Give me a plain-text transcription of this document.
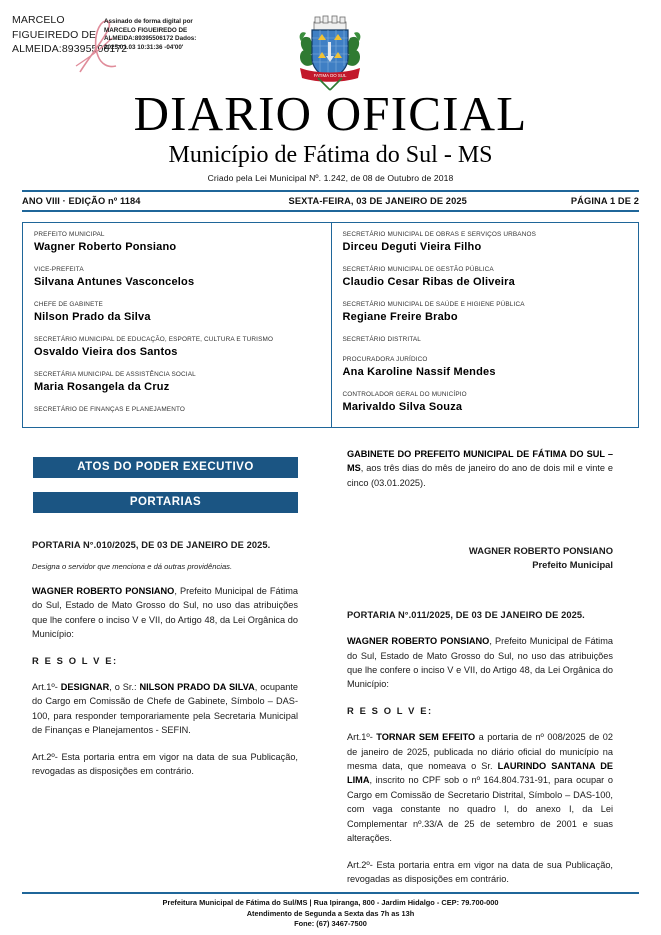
MARCELO FIGUEIREDO DE ALMEIDA:89395506172
Assinado de forma digital por MARCELO FIGUEIREDO DE ALMEIDA:89395506172 Dados: 2025.01.03 10:31:36 -04'00'
FATIMA DO SUL
DIARIO OFICIAL
Município de Fátima do Sul - MS
Criado pela Lei Municipal Nº. 1.242, de 08 de Outubro de 2018
ANO VIII · EDIÇÃO nº 1184	SEXTA-FEIRA, 03 DE JANEIRO DE 2025	PÁGINA 1 DE 2
PREFEITO MUNICIPAL
Wagner Roberto Ponsiano
VICE-PREFEITA
Silvana Antunes Vasconcelos
CHEFE DE GABINETE
Nilson Prado da Silva
SECRETÁRIO MUNICIPAL DE EDUCAÇÃO, ESPORTE, CULTURA E TURISMO
Osvaldo Vieira dos Santos
SECRETÁRIA MUNICIPAL DE ASSISTÊNCIA SOCIAL
Maria Rosangela da Cruz
SECRETÁRIO DE FINANÇAS E PLANEJAMENTO
SECRETÁRIO MUNICIPAL DE OBRAS E SERVIÇOS URBANOS
Dirceu Deguti Vieira Filho
SECRETÁRIO MUNICIPAL DE GESTÃO PÚBLICA
Claudio Cesar Ribas de Oliveira
SECRETÁRIO MUNICIPAL DE SAÚDE E HIGIENE PÚBLICA
Regiane Freire Brabo
SECRETÁRIO DISTRITAL
PROCURADORA JURÍDICO
Ana Karoline Nassif Mendes
CONTROLADOR GERAL DO MUNICÍPIO
Marivaldo Silva Souza
ATOS DO PODER EXECUTIVO
PORTARIAS
PORTARIA N°.010/2025, DE 03 DE JANEIRO DE 2025.
Designa o servidor que menciona e dá outras providências.
WAGNER ROBERTO PONSIANO, Prefeito Municipal de Fátima do Sul, Estado de Mato Grosso do Sul, no uso das atribuições que lhe confere o inciso V e VII, do Artigo 48, da Lei Orgânica do Município:
R E S O L V E:
Art.1º- DESIGNAR, o Sr.: NILSON PRADO DA SILVA, ocupante do Cargo em Comissão de Chefe de Gabinete, Símbolo – DAS-100, para responder temporariamente pela Secretaria Municipal de Finanças e Planejamentos - SEFIN.
Art.2º- Esta portaria entra em vigor na data de sua Publicação, revogadas as disposições em contrário.
GABINETE DO PREFEITO MUNICIPAL DE FÁTIMA DO SUL – MS, aos três dias do mês de janeiro do ano de dois mil e vinte e cinco (03.01.2025).
WAGNER ROBERTO PONSIANO
Prefeito Municipal
PORTARIA N°.011/2025, DE 03 DE JANEIRO DE 2025.
WAGNER ROBERTO PONSIANO, Prefeito Municipal de Fátima do Sul, Estado de Mato Grosso do Sul, no uso das atribuições que lhe confere o inciso V e VII, do Artigo 48, da Lei Orgânica do Município:
R E S O L V E:
Art.1º- TORNAR SEM EFEITO a portaria de nº 008/2025 de 02 de janeiro de 2025, publicada no diário oficial do município na mesma data, que nomeava o Sr. LAURINDO SANTANA DE LIMA, inscrito no CPF sob o nº 164.804.731-91, para ocupar o Cargo em Comissão de Secretario Distrital, Símbolo – DAS-100, com vaga constante no quadro I, do anexo I, da Lei Complementar nº.33/A de 25 de setembro de 2001 e suas alterações.
Art.2º- Esta portaria entra em vigor na data de sua Publicação, revogadas as disposições em contrário.
Prefeitura Municipal de Fátima do Sul/MS | Rua Ipiranga, 800 - Jardim Hidalgo - CEP: 79.700-000
Atendimento de Segunda a Sexta das 7h as 13h
Fone: (67) 3467-7500
